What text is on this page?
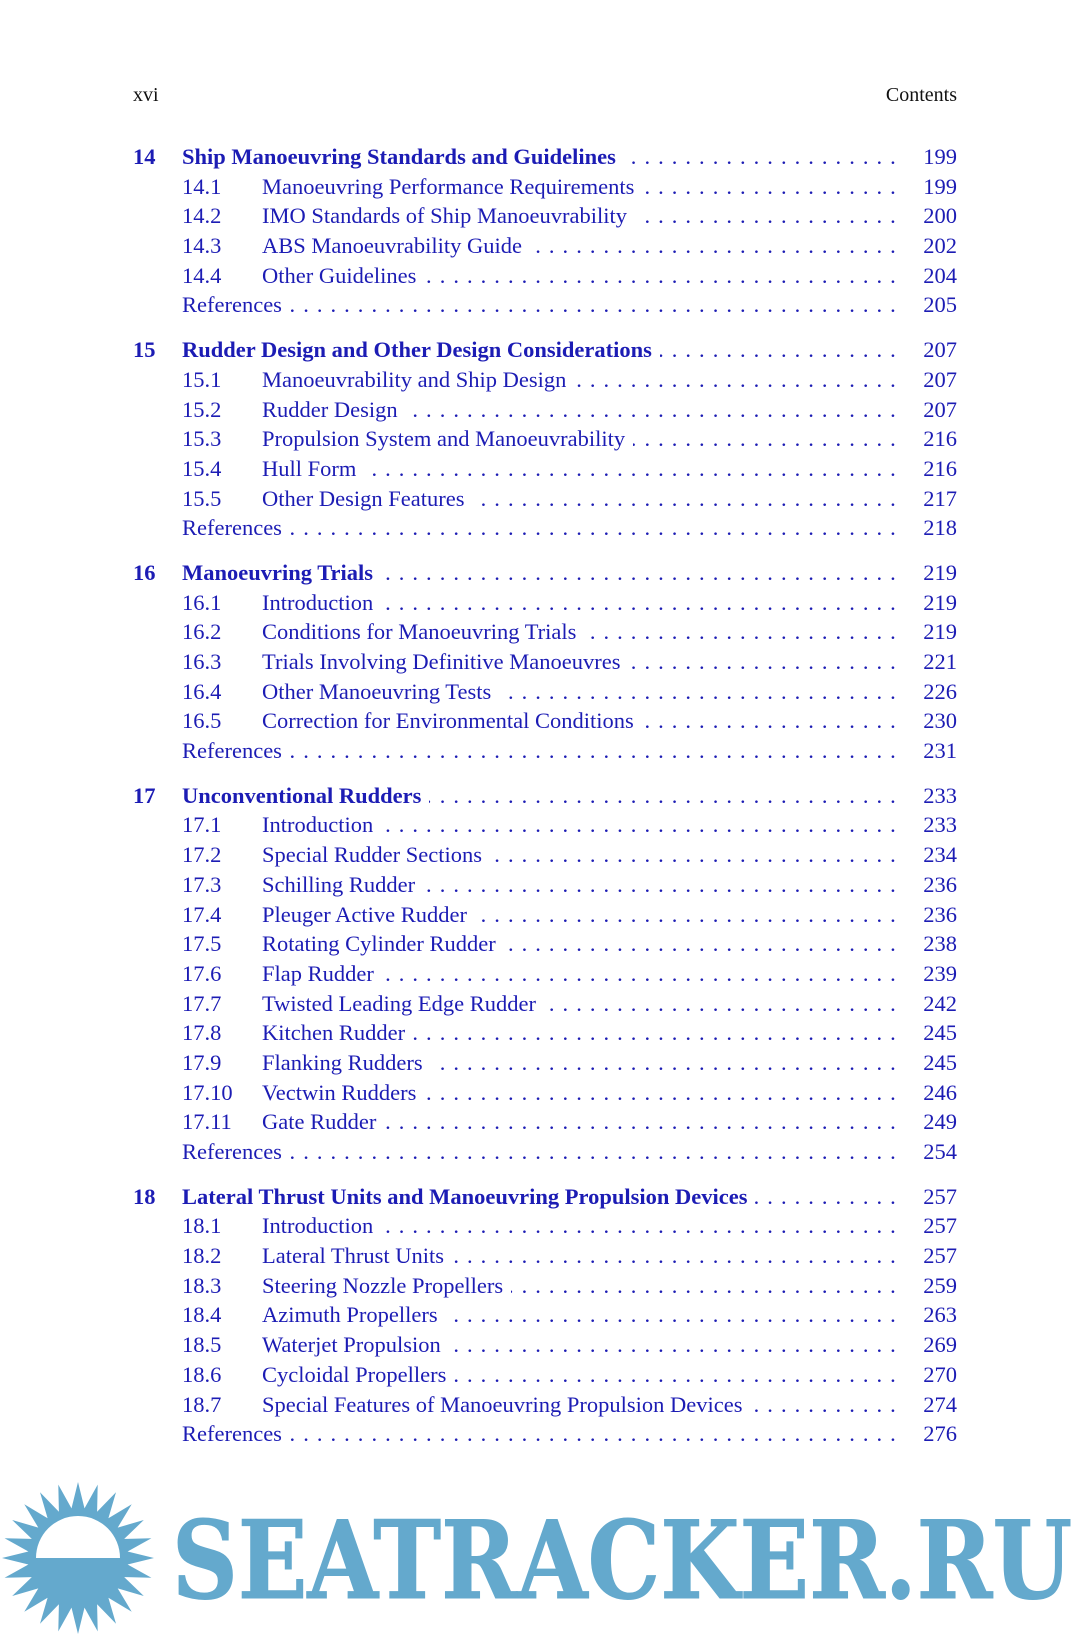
xvi	Contents
14 Ship Manoeuvring Standards and Guidelines . . .	199
14.1 Manoeuvring Performance Requirements . . .	199
14.2 IMO Standards of Ship Manoeuvrability . . .	200
14.3 ABS Manoeuvrability Guide . . .	202
14.4 Other Guidelines . . .	204
References . . .	205
15 Rudder Design and Other Design Considerations . . .	207
15.1 Manoeuvrability and Ship Design . . .	207
15.2 Rudder Design . . .	207
15.3 Propulsion System and Manoeuvrability . . .	216
15.4 Hull Form . . .	216
15.5 Other Design Features . . .	217
References . . .	218
16 Manoeuvring Trials . . .	219
16.1 Introduction . . .	219
16.2 Conditions for Manoeuvring Trials . . .	219
16.3 Trials Involving Definitive Manoeuvres . . .	221
16.4 Other Manoeuvring Tests . . .	226
16.5 Correction for Environmental Conditions . . .	230
References . . .	231
17 Unconventional Rudders . . .	233
17.1 Introduction . . .	233
17.2 Special Rudder Sections . . .	234
17.3 Schilling Rudder . . .	236
17.4 Pleuger Active Rudder . . .	236
17.5 Rotating Cylinder Rudder . . .	238
17.6 Flap Rudder . . .	239
17.7 Twisted Leading Edge Rudder . . .	242
17.8 Kitchen Rudder . . .	245
17.9 Flanking Rudders . . .	245
17.10 Vectwin Rudders . . .	246
17.11 Gate Rudder . . .	249
References . . .	254
18 Lateral Thrust Units and Manoeuvring Propulsion Devices . . .	257
18.1 Introduction . . .	257
18.2 Lateral Thrust Units . . .	257
18.3 Steering Nozzle Propellers . . .	259
18.4 Azimuth Propellers . . .	263
18.5 Waterjet Propulsion . . .	269
18.6 Cycloidal Propellers . . .	270
18.7 Special Features of Manoeuvring Propulsion Devices . . .	274
References . . .	276
SEATRACKER.RU
